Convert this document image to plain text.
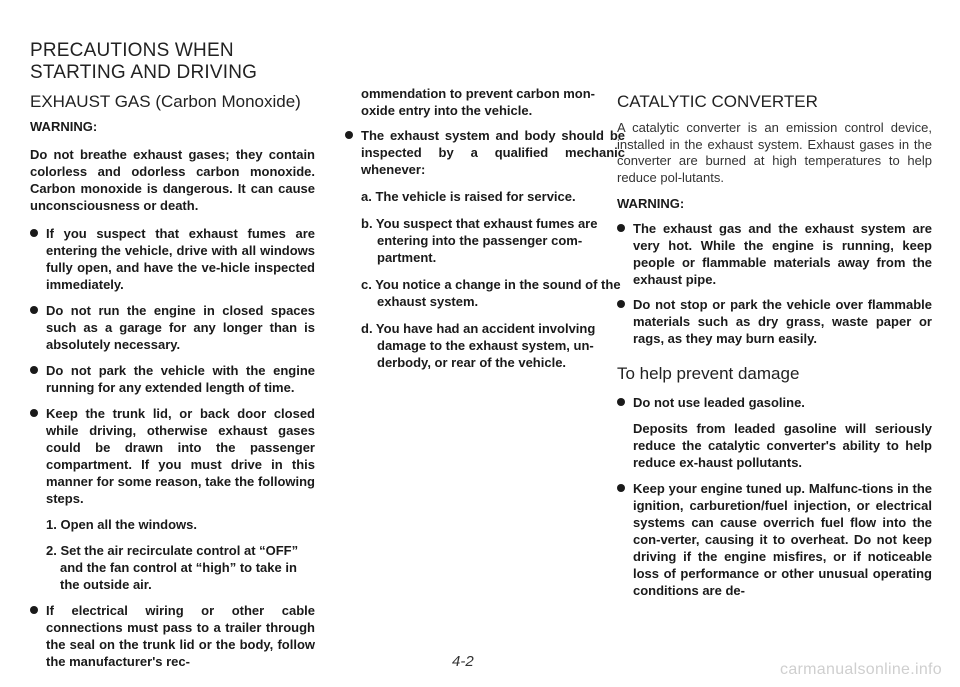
PRECAUTIONS WHEN
STARTING AND DRIVING
EXHAUST GAS (Carbon Monoxide)

WARNING:

Do not breathe exhaust gases; they contain colorless and odorless carbon monoxide. Carbon monoxide is dangerous. It can cause unconsciousness or death.

If you suspect that exhaust fumes are entering the vehicle, drive with all windows fully open, and have the ve-hicle inspected immediately.
Do not run the engine in closed spaces such as a garage for any longer than is absolutely necessary.
Do not park the vehicle with the engine running for any extended length of time.
Keep the trunk lid, or back door closed while driving, otherwise exhaust gases could be drawn into the passenger compartment. If you must drive in this manner for some reason, take the following steps.

1. Open all the windows.

2. Set the air recirculate control at “OFF” and the fan control at “high” to take in the outside air.

If electrical wiring or other cable connections must pass to a trailer through the seal on the trunk lid or the body, follow the manufacturer's rec-

ommendation to prevent carbon mon-oxide entry into the vehicle.

The exhaust system and body should be inspected by a qualified mechanic whenever:

a. The vehicle is raised for service.

b. You suspect that exhaust fumes are entering into the passenger com-partment.

c. You notice a change in the sound of the exhaust system.

d. You have had an accident involving damage to the exhaust system, un-derbody, or rear of the vehicle.

CATALYTIC CONVERTER

A catalytic converter is an emission control device, installed in the exhaust system. Exhaust gases in the converter are burned at high temperatures to help reduce pol-lutants.

WARNING:

The exhaust gas and the exhaust system are very hot. While the engine is running, keep people or flammable materials away from the exhaust pipe.
Do not stop or park the vehicle over flammable materials such as dry grass, waste paper or rags, as they may burn easily.
To help prevent damage
Do not use leaded gasoline.

Deposits from leaded gasoline will seriously reduce the catalytic converter's ability to help reduce ex-haust pollutants.

Keep your engine tuned up. Malfunc-tions in the ignition, carburetion/fuel injection, or electrical systems can cause overrich fuel flow into the con-verter, causing it to overheat. Do not keep driving if the engine misfires, or if noticeable loss of performance or other unusual operating conditions are de-
4-2	carmanualsonline.info
